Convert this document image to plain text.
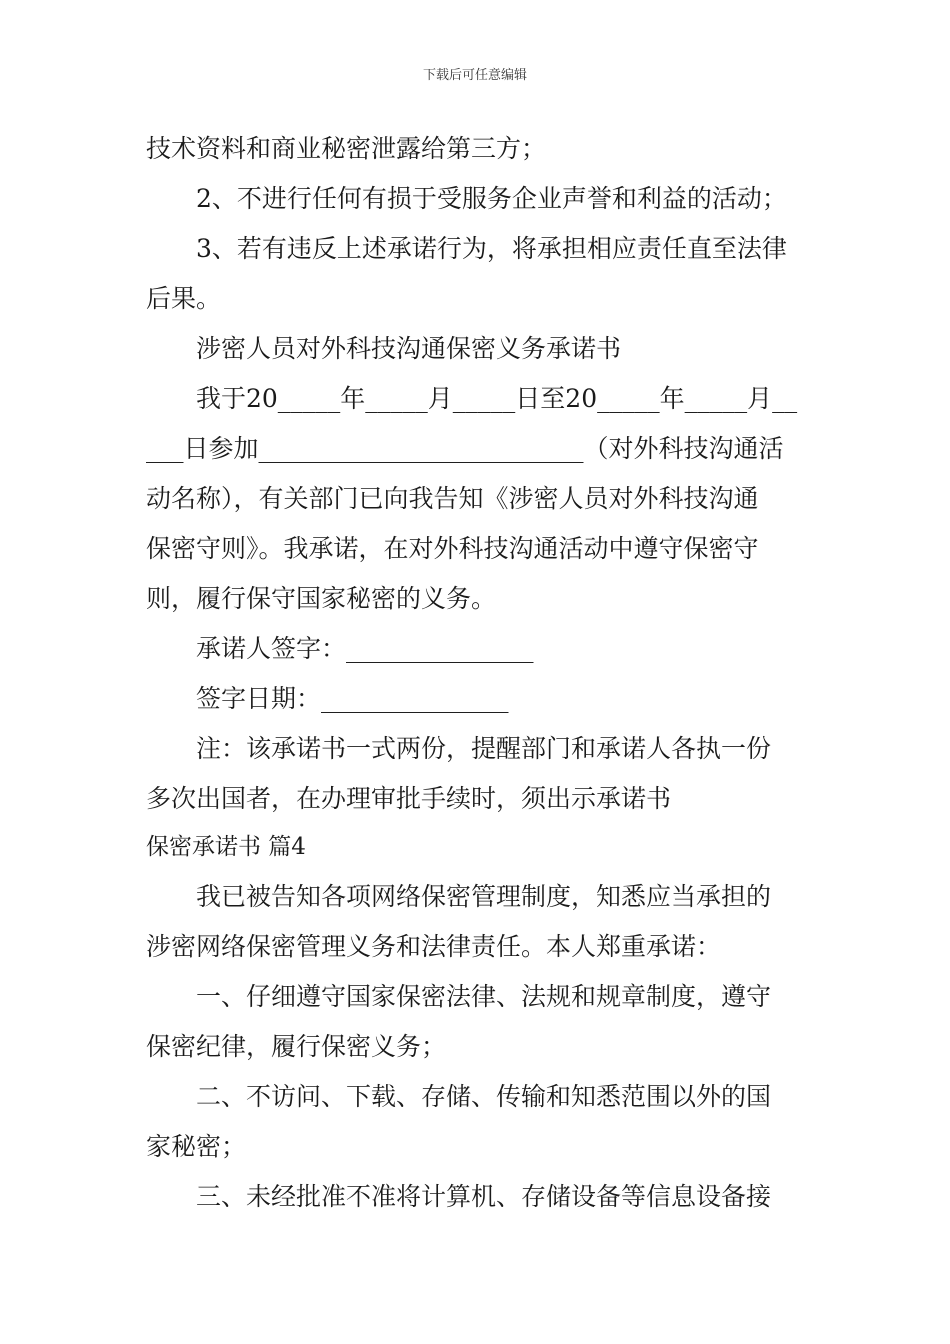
下载后可任意编辑
技术资料和商业秘密泄露给第三方；
2、不进行任何有损于受服务企业声誉和利益的活动；
3、若有违反上述承诺行为，将承担相应责任直至法律
后果。
涉密人员对外科技沟通保密义务承诺书
我于20_____年_____月_____日至20_____年_____月__
___日参加__________________________（对外科技沟通活
动名称），有关部门已向我告知《涉密人员对外科技沟通
保密守则》。我承诺，在对外科技沟通活动中遵守保密守
则，履行保守国家秘密的义务。
承诺人签字：_______________
签字日期：_______________
注：该承诺书一式两份，提醒部门和承诺人各执一份
多次出国者，在办理审批手续时，须出示承诺书
保密承诺书 篇4
我已被告知各项网络保密管理制度，知悉应当承担的
涉密网络保密管理义务和法律责任。本人郑重承诺：
一、仔细遵守国家保密法律、法规和规章制度，遵守
保密纪律，履行保密义务；
二、不访问、下载、存储、传输和知悉范围以外的国
家秘密；
三、未经批准不准将计算机、存储设备等信息设备接
